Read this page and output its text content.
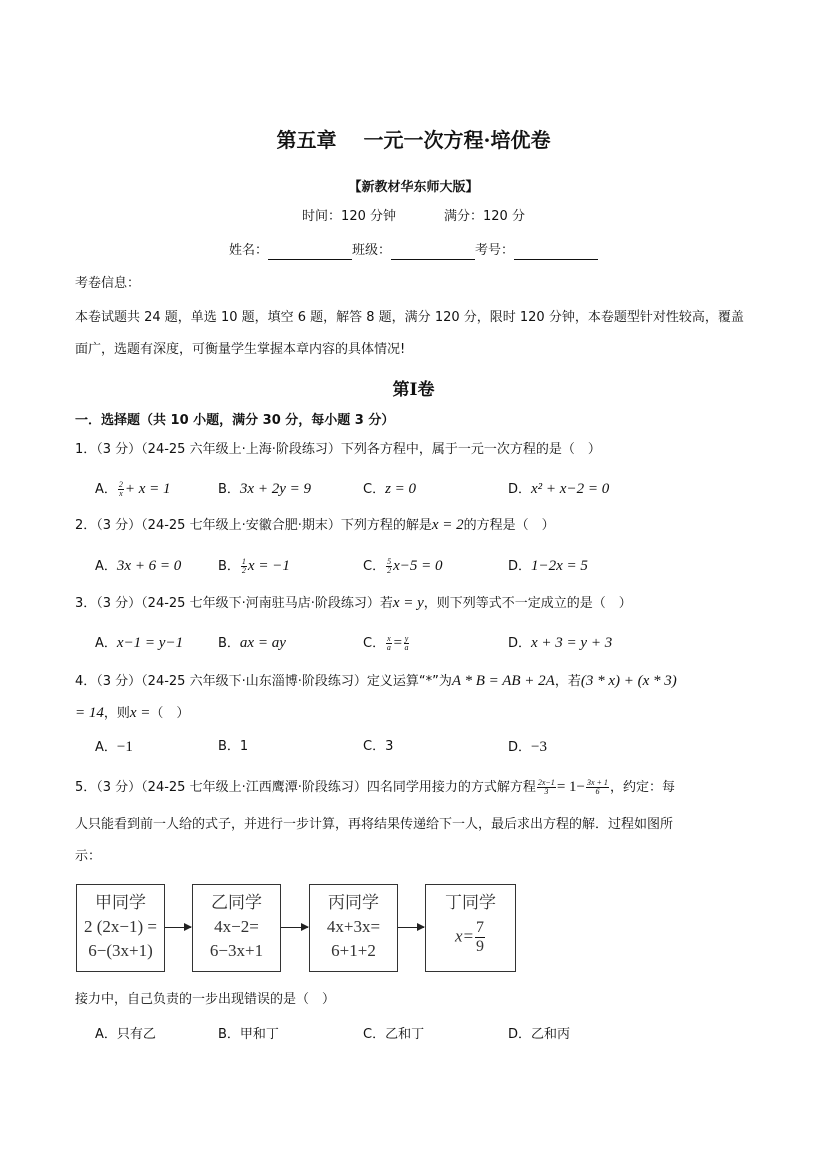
第五章　 一元一次方程·培优卷
【新教材华东师大版】
时间：120 分钟	满分：120 分
姓名：	班级：	考号：
考卷信息：
本卷试题共 24 题，单选 10 题，填空 6 题，解答 8 题，满分 120 分，限时 120 分钟，本卷题型针对性较高，覆盖
面广，选题有深度，可衡量学生掌握本章内容的具体情况!
第Ⅰ卷
一．选择题（共 10 小题，满分 30 分，每小题 3 分）
1．（3 分）（24-25 六年级上·上海·阶段练习）下列各方程中，属于一元一次方程的是（　）
A． $\frac{2}{x} + x = 1$	B．3x + 2y = 9	C．z = 0	D．x² + x−2 = 0
2．（3 分）（24-25 七年级上·安徽合肥·期末）下列方程的解是x = 2的方程是（　）
A．3x + 6 = 0	B． $\frac{1}{2}$ x = −1	C． $\frac{5}{2} x-5 = 0$	D．1−2x = 5
3．（3 分）（24-25 七年级下·河南驻马店·阶段练习）若x = y，则下列等式不一定成立的是（　）
A．x−1 = y−1	B．ax = ay	C． $\frac{x}{a} = \frac{y}{a}$	D．x + 3 = y + 3
4．（3 分）（24-25 六年级下·山东淄博·阶段练习）定义运算“*”为A * B = AB + 2A，若(3 * x) + (x * 3)
= 14，则x =（　）
A．−1	B．1	C．3	D．−3
5．（3 分）（24-25 七年级上·江西鹰潭·阶段练习）四名同学用接力的方式解方程 $\frac{2x-1}{3} = 1- \frac{3x + 1}{6}$ ，约定：每
人只能看到前一人给的式子，并进行一步计算，再将结果传递给下一人，最后求出方程的解．过程如图所
示：
甲同学
2 (2x−1) =
6−(3x+1)
乙同学
4x−2=
6−3x+1
丙同学
4x+3x=
6+1+2
丁同学
$x= \frac{7}{9}$
接力中，自己负责的一步出现错误的是（　）
A．只有乙	B．甲和丁	C．乙和丁	D．乙和丙
